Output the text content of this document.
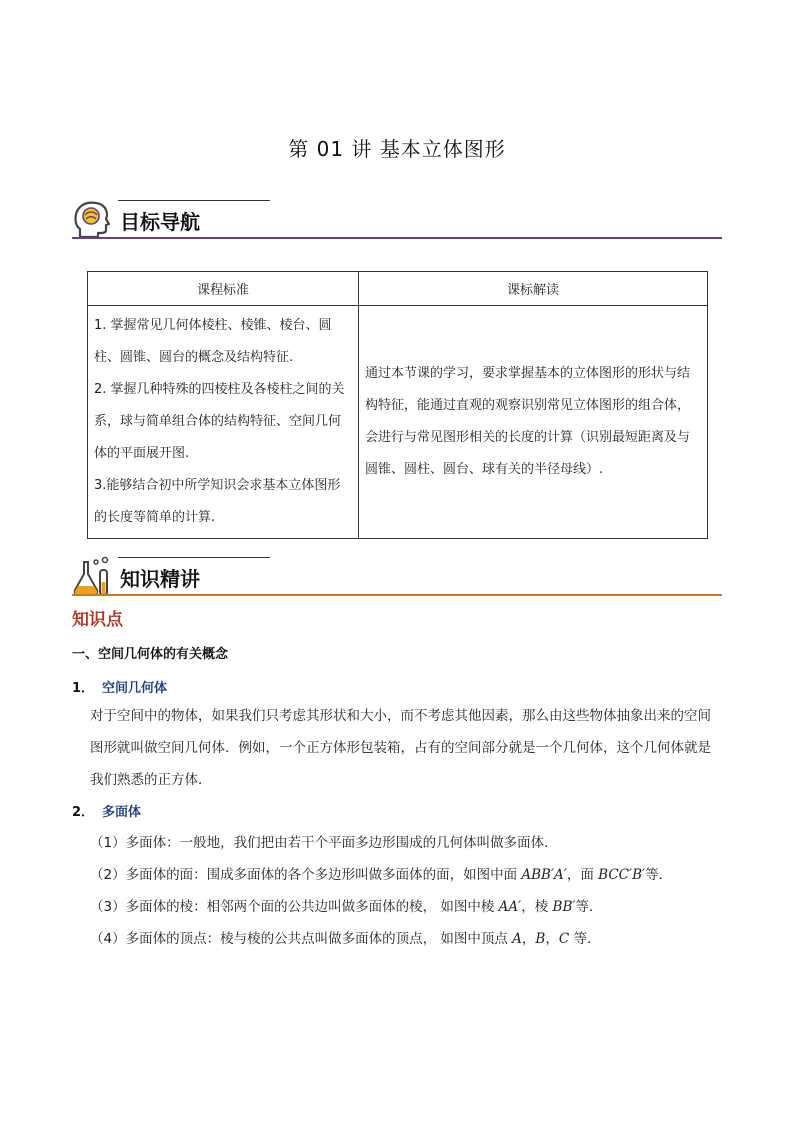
第 01 讲 基本立体图形
目标导航
课程标准	课标解读

1. 掌握常见几何体棱柱、棱锥、棱台、圆柱、圆锥、圆台的概念及结构特征.
2. 掌握几种特殊的四棱柱及各棱柱之间的关系，球与简单组合体的结构特征、空间几何体的平面展开图.
3.能够结合初中所学知识会求基本立体图形的长度等简单的计算.	通过本节课的学习，要求掌握基本的立体图形的形状与结构特征，能通过直观的观察识别常见立体图形的组合体，会进行与常见图形相关的长度的计算（识别最短距离及与圆锥、圆柱、圆台、球有关的半径母线）.
知识精讲
知识点
一、空间几何体的有关概念
1． 空间几何体
对于空间中的物体，如果我们只考虑其形状和大小，而不考虑其他因素，那么由这些物体抽象出来的空间图形就叫做空间几何体．例如，一个正方体形包装箱，占有的空间部分就是一个几何体，这个几何体就是我们熟悉的正方体．
2． 多面体
（1）多面体：一般地，我们把由若干个平面多边形围成的几何体叫做多面体．
（2）多面体的面：围成多面体的各个多边形叫做多面体的面，如图中面 ABB′A′，面 BCC′B′等．
（3）多面体的棱：相邻两个面的公共边叫做多面体的棱， 如图中棱 AA′，棱 BB′等．
（4）多面体的顶点：棱与棱的公共点叫做多面体的顶点， 如图中顶点 A，B，C 等．
